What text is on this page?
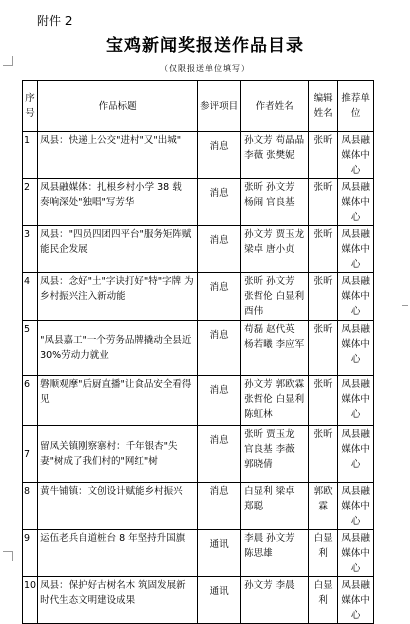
附件 2
宝鸡新闻奖报送作品目录
（仅限报送单位填写）
序号	作品标题	参评项目	作者姓名	编辑姓名	推荐单位
1	凤县：快递上公交"进村"又"出城"	消息	孙文芳 苟晶晶 李薇 张樊妮	张昕	凤县融媒体中心

2	凤县融媒体：扎根乡村小学 38 载 奏响深处"独唱"写芳华	消息	张昕 孙文芳 杨闹 官良基	张昕	凤县融媒体中心

3	凤县："四员四团四平台"服务矩阵赋能民企发展	消息	孙文芳 贾玉龙 梁卓 唐小贞	张昕	凤县融媒体中心

4	凤县：念好"土"字诀打好"特"字牌 为乡村振兴注入新动能	消息	张昕 孙文芳 张哲伦 白显利 酉伟	张昕	凤县融媒体中心

5	"凤县嘉工"一个劳务品牌撬动全县近30%劳动力就业	消息	苟磊 赵代英 杨若曦 李应军	张昕	凤县融媒体中心

6	磐顺观摩"后厨直播"让食品安全看得见	消息	孙文芳 郭欧霖 张哲伦 白显利 陈虹林	张昕	凤县融媒体中心

7	留凤关镇刚察寨村：千年银杏"失妻"树成了我们村的"网红"树	消息	张昕 贾玉龙 官良基 李薇 郭晓倩	张昕	凤县融媒体中心

8	黄牛铺镇：文创设计赋能乡村振兴	消息	白显利 梁卓 郑聪	郭欧霖	凤县融媒体中心

9	运伍老兵自道桩台 8 年坚持升国旗	通讯	李晨 孙文芳 陈思雄	白显利	凤县融媒体中心

10	凤县：保护好古树名木 筑固发展新时代生态文明建设成果	通讯	孙文芳 李晨	白显利	凤县融媒体中心
